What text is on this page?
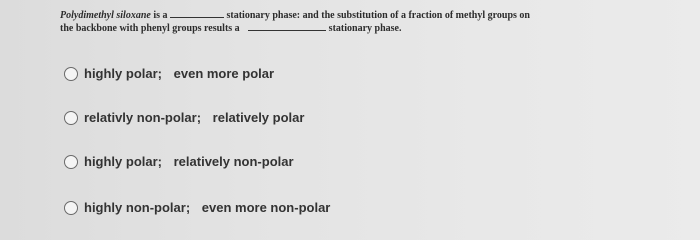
Polydimethyl siloxane is a	stationary phase: and the substitution of a fraction of methyl groups on
the backbone with phenyl groups results a	stationary phase.
highly polar; even more polar
relativly non-polar; relatively polar
highly polar; relatively non-polar
highly non-polar; even more non-polar
